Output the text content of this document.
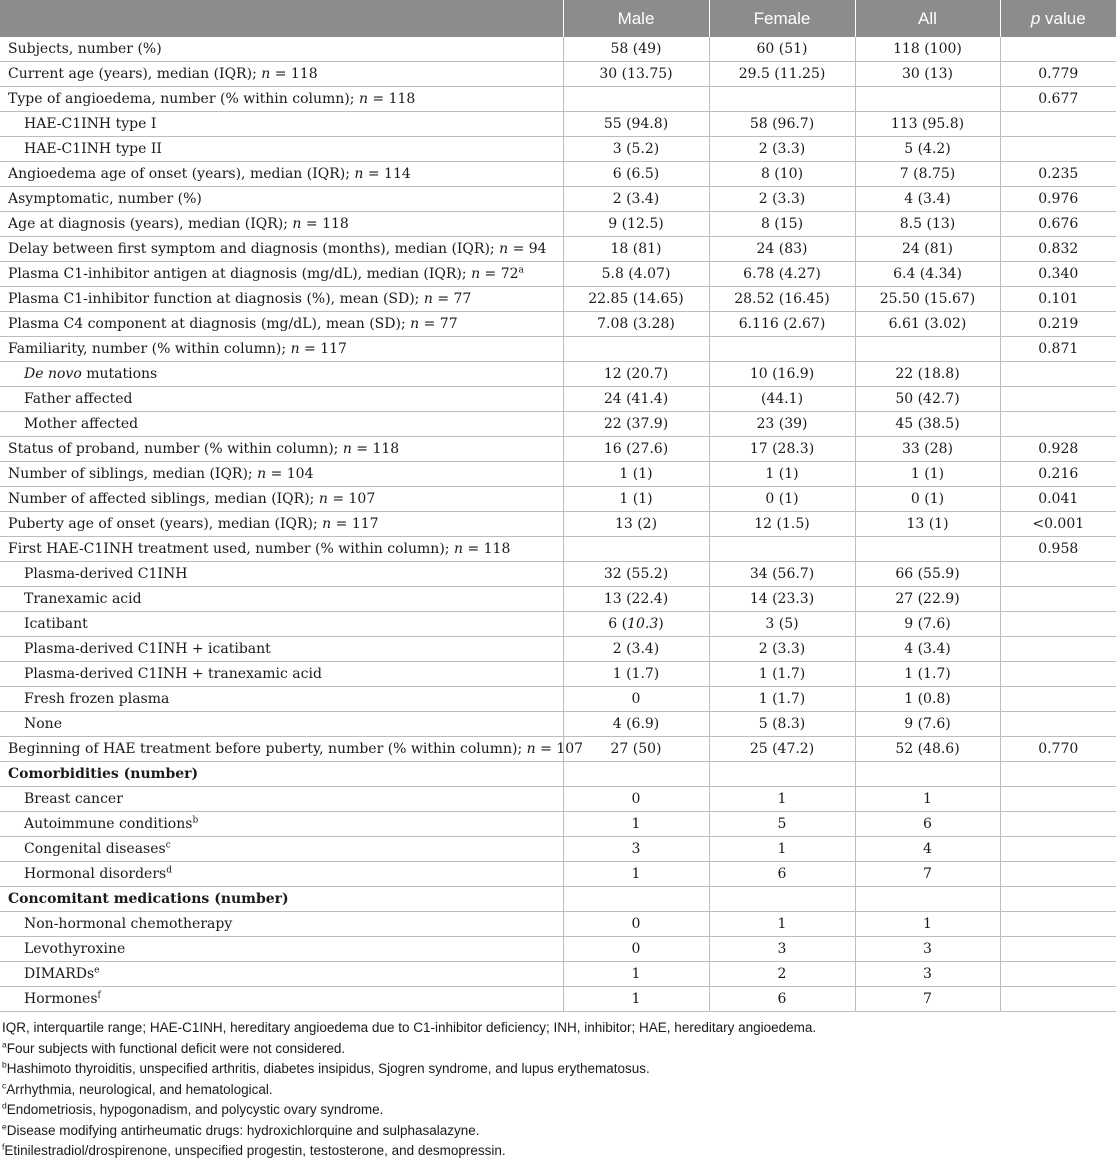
	Male	Female	All	p value
Subjects, number (%)	58 (49)	60 (51)	118 (100)	
Current age (years), median (IQR); n = 118	30 (13.75)	29.5 (11.25)	30 (13)	0.779
Type of angioedema, number (% within column); n = 118				0.677
HAE-C1INH type I	55 (94.8)	58 (96.7)	113 (95.8)	
HAE-C1INH type II	3 (5.2)	2 (3.3)	5 (4.2)	
Angioedema age of onset (years), median (IQR); n = 114	6 (6.5)	8 (10)	7 (8.75)	0.235
Asymptomatic, number (%)	2 (3.4)	2 (3.3)	4 (3.4)	0.976
Age at diagnosis (years), median (IQR); n = 118	9 (12.5)	8 (15)	8.5 (13)	0.676
Delay between first symptom and diagnosis (months), median (IQR); n = 94	18 (81)	24 (83)	24 (81)	0.832
Plasma C1-inhibitor antigen at diagnosis (mg/dL), median (IQR); $n = 72^a$	5.8 (4.07)	6.78 (4.27)	6.4 (4.34)	0.340
Plasma C1-inhibitor function at diagnosis (%), mean (SD); n = 77	22.85 (14.65)	28.52 (16.45)	25.50 (15.67)	0.101
Plasma C4 component at diagnosis (mg/dL), mean (SD); n = 77	7.08 (3.28)	6.116 (2.67)	6.61 (3.02)	0.219
Familiarity, number (% within column); n = 117				0.871
De novo mutations	12 (20.7)	10 (16.9)	22 (18.8)	
Father affected	24 (41.4)	(44.1)	50 (42.7)	
Mother affected	22 (37.9)	23 (39)	45 (38.5)	
Status of proband, number (% within column); n = 118	16 (27.6)	17 (28.3)	33 (28)	0.928
Number of siblings, median (IQR); n = 104	1 (1)	1 (1)	1 (1)	0.216
Number of affected siblings, median (IQR); n = 107	1 (1)	0 (1)	0 (1)	0.041
Puberty age of onset (years), median (IQR); n = 117	13 (2)	12 (1.5)	13 (1)	<0.001
First HAE-C1INH treatment used, number (% within column); n = 118				0.958
Plasma-derived C1INH	32 (55.2)	34 (56.7)	66 (55.9)	
Tranexamic acid	13 (22.4)	14 (23.3)	27 (22.9)	
Icatibant	6 (10.3)	3 (5)	9 (7.6)	
Plasma-derived C1INH + icatibant	2 (3.4)	2 (3.3)	4 (3.4)	
Plasma-derived C1INH + tranexamic acid	1 (1.7)	1 (1.7)	1 (1.7)	
Fresh frozen plasma	0	1 (1.7)	1 (0.8)	
None	4 (6.9)	5 (8.3)	9 (7.6)	
Beginning of HAE treatment before puberty, number (% within column); n = 107	27 (50)	25 (47.2)	52 (48.6)	0.770
Comorbidities (number)				
Breast cancer	0	1	1	
Autoimmune conditions$^b$	1	5	6	
Congenital diseases$^c$	3	1	4	
Hormonal disorders$^d$	1	6	7	
Concomitant medications (number)				
Non-hormonal chemotherapy	0	1	1	
Levothyroxine	0	3	3	
DIMARDs$^e$	1	2	3	
Hormones$^f$	1	6	7	
IQR, interquartile range; HAE-C1INH, hereditary angioedema due to C1-inhibitor deficiency; INH, inhibitor; HAE, hereditary angioedema.
$^a$Four subjects with functional deficit were not considered.
$^b$Hashimoto thyroiditis, unspecified arthritis, diabetes insipidus, Sjogren syndrome, and lupus erythematosus.
$^c$Arrhythmia, neurological, and hematological.
$^d$Endometriosis, hypogonadism, and polycystic ovary syndrome.
$^e$Disease modifying antirheumatic drugs: hydroxichlorquine and sulphasalazyne.
$^f$Etinilestradiol/drospirenone, unspecified progestin, testosterone, and desmopressin.
